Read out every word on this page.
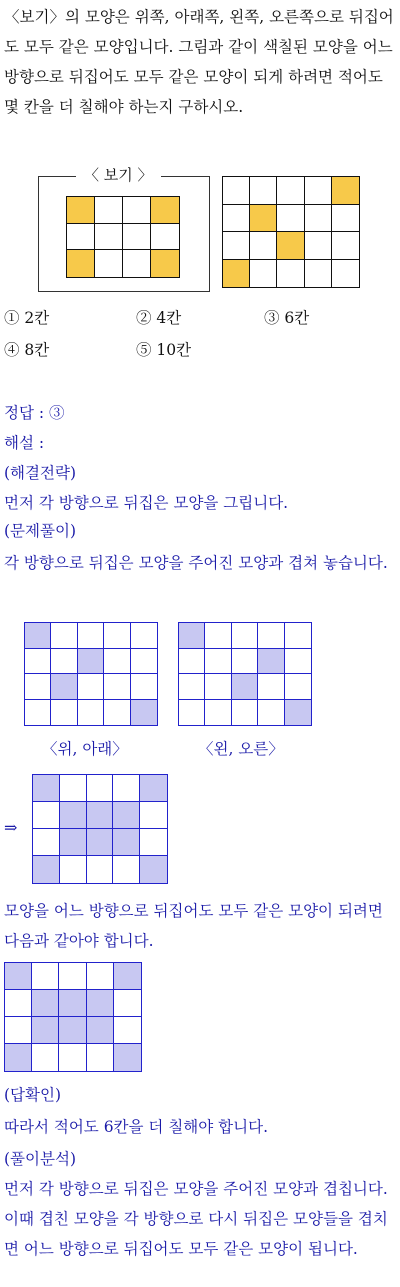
〈보기〉의 모양은 위쪽, 아래쪽, 왼쪽, 오른쪽으로 뒤집어도 모두 같은 모양입니다. 그림과 같이 색칠된 모양을 어느 방향으로 뒤집어도 모두 같은 모양이 되게 하려면 적어도 몇 칸을 더 칠해야 하는지 구하시오.

〈 보기 〉
① 2칸	② 4칸	③ 6칸
④ 8칸	⑤ 10칸

정답 : ③

해설 :

(해결전략)

먼저 각 방향으로 뒤집은 모양을 그립니다.

(문제풀이)

각 방향으로 뒤집은 모양을 주어진 모양과 겹쳐 놓습니다.

〈위, 아래〉	〈왼, 오른〉
⇒

모양을 어느 방향으로 뒤집어도 모두 같은 모양이 되려면 다음과 같아야 합니다.

(답확인)

따라서 적어도 6칸을 더 칠해야 합니다.

(풀이분석)

먼저 각 방향으로 뒤집은 모양을 주어진 모양과 겹칩니다. 이때 겹친 모양을 각 방향으로 다시 뒤집은 모양들을 겹치면 어느 방향으로 뒤집어도 모두 같은 모양이 됩니다.
